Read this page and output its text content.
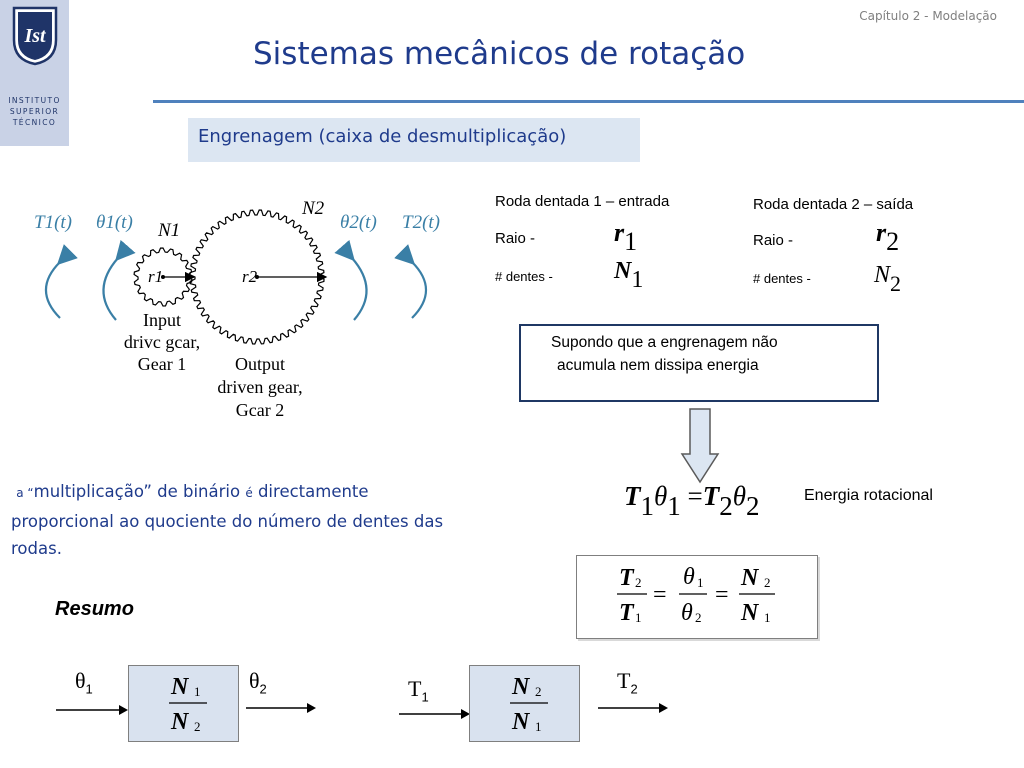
Ist
INSTITUTO
SUPERIOR
TÉCNICO
Capítulo 2 - Modelação
Sistemas mecânicos de rotação
Engrenagem (caixa de desmultiplicação)
T1(t) θ1(t) N1
r1
N2
r2
θ2(t) T2(t)
Input
drivc gcar,
Gear 1	Output
driven gear,
Gcar 2
Roda dentada 1 – entrada
Raio -	r1
# dentes -	N1
Roda dentada 2 – saída
Raio -	r2
# dentes -	N2
Supondo que a engrenagem não
acumula nem dissipa energia
T1θ1 =T2θ2	Energia rotacional
T 2
T 1
=
θ 1
θ 2
=
N 2
N 1
a “multiplicação” de binário é directamente proporcional ao quociente do número de dentes das rodas.
Resumo
$\theta_1$	N 1
N 2
$\theta_2$	$T_1$	N 2
N 1
$T_2$
